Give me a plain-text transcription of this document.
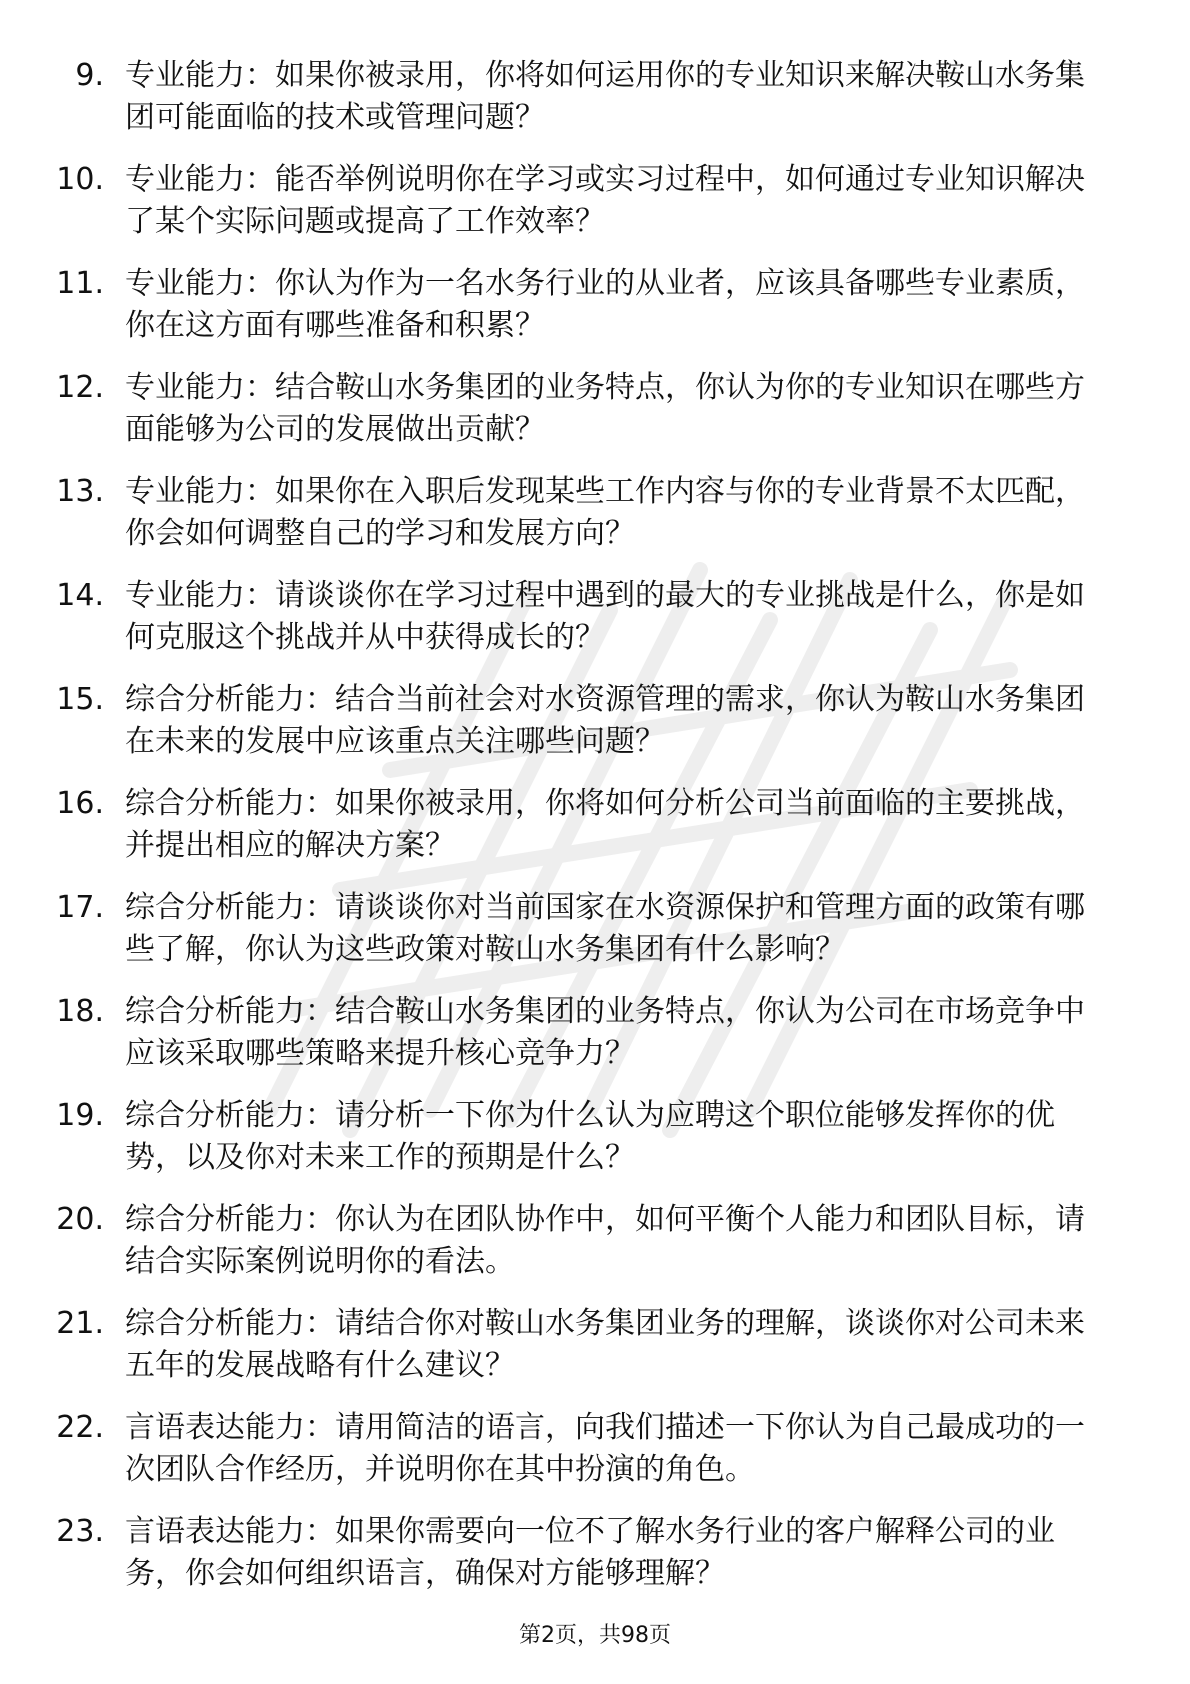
9. 专业能力：如果你被录用，你将如何运用你的专业知识来解决鞍山水务集团可能面临的技术或管理问题？
10. 专业能力：能否举例说明你在学习或实习过程中，如何通过专业知识解决了某个实际问题或提高了工作效率？
11. 专业能力：你认为作为一名水务行业的从业者，应该具备哪些专业素质，你在这方面有哪些准备和积累？
12. 专业能力：结合鞍山水务集团的业务特点，你认为你的专业知识在哪些方面能够为公司的发展做出贡献？
13. 专业能力：如果你在入职后发现某些工作内容与你的专业背景不太匹配，你会如何调整自己的学习和发展方向？
14. 专业能力：请谈谈你在学习过程中遇到的最大的专业挑战是什么，你是如何克服这个挑战并从中获得成长的？
15. 综合分析能力：结合当前社会对水资源管理的需求，你认为鞍山水务集团在未来的发展中应该重点关注哪些问题？
16. 综合分析能力：如果你被录用，你将如何分析公司当前面临的主要挑战，并提出相应的解决方案？
17. 综合分析能力：请谈谈你对当前国家在水资源保护和管理方面的政策有哪些了解，你认为这些政策对鞍山水务集团有什么影响？
18. 综合分析能力：结合鞍山水务集团的业务特点，你认为公司在市场竞争中应该采取哪些策略来提升核心竞争力？
19. 综合分析能力：请分析一下你为什么认为应聘这个职位能够发挥你的优势，以及你对未来工作的预期是什么？
20. 综合分析能力：你认为在团队协作中，如何平衡个人能力和团队目标，请结合实际案例说明你的看法。
21. 综合分析能力：请结合你对鞍山水务集团业务的理解，谈谈你对公司未来五年的发展战略有什么建议？
22. 言语表达能力：请用简洁的语言，向我们描述一下你认为自己最成功的一次团队合作经历，并说明你在其中扮演的角色。
23. 言语表达能力：如果你需要向一位不了解水务行业的客户解释公司的业务，你会如何组织语言，确保对方能够理解？
第2页，共98页
